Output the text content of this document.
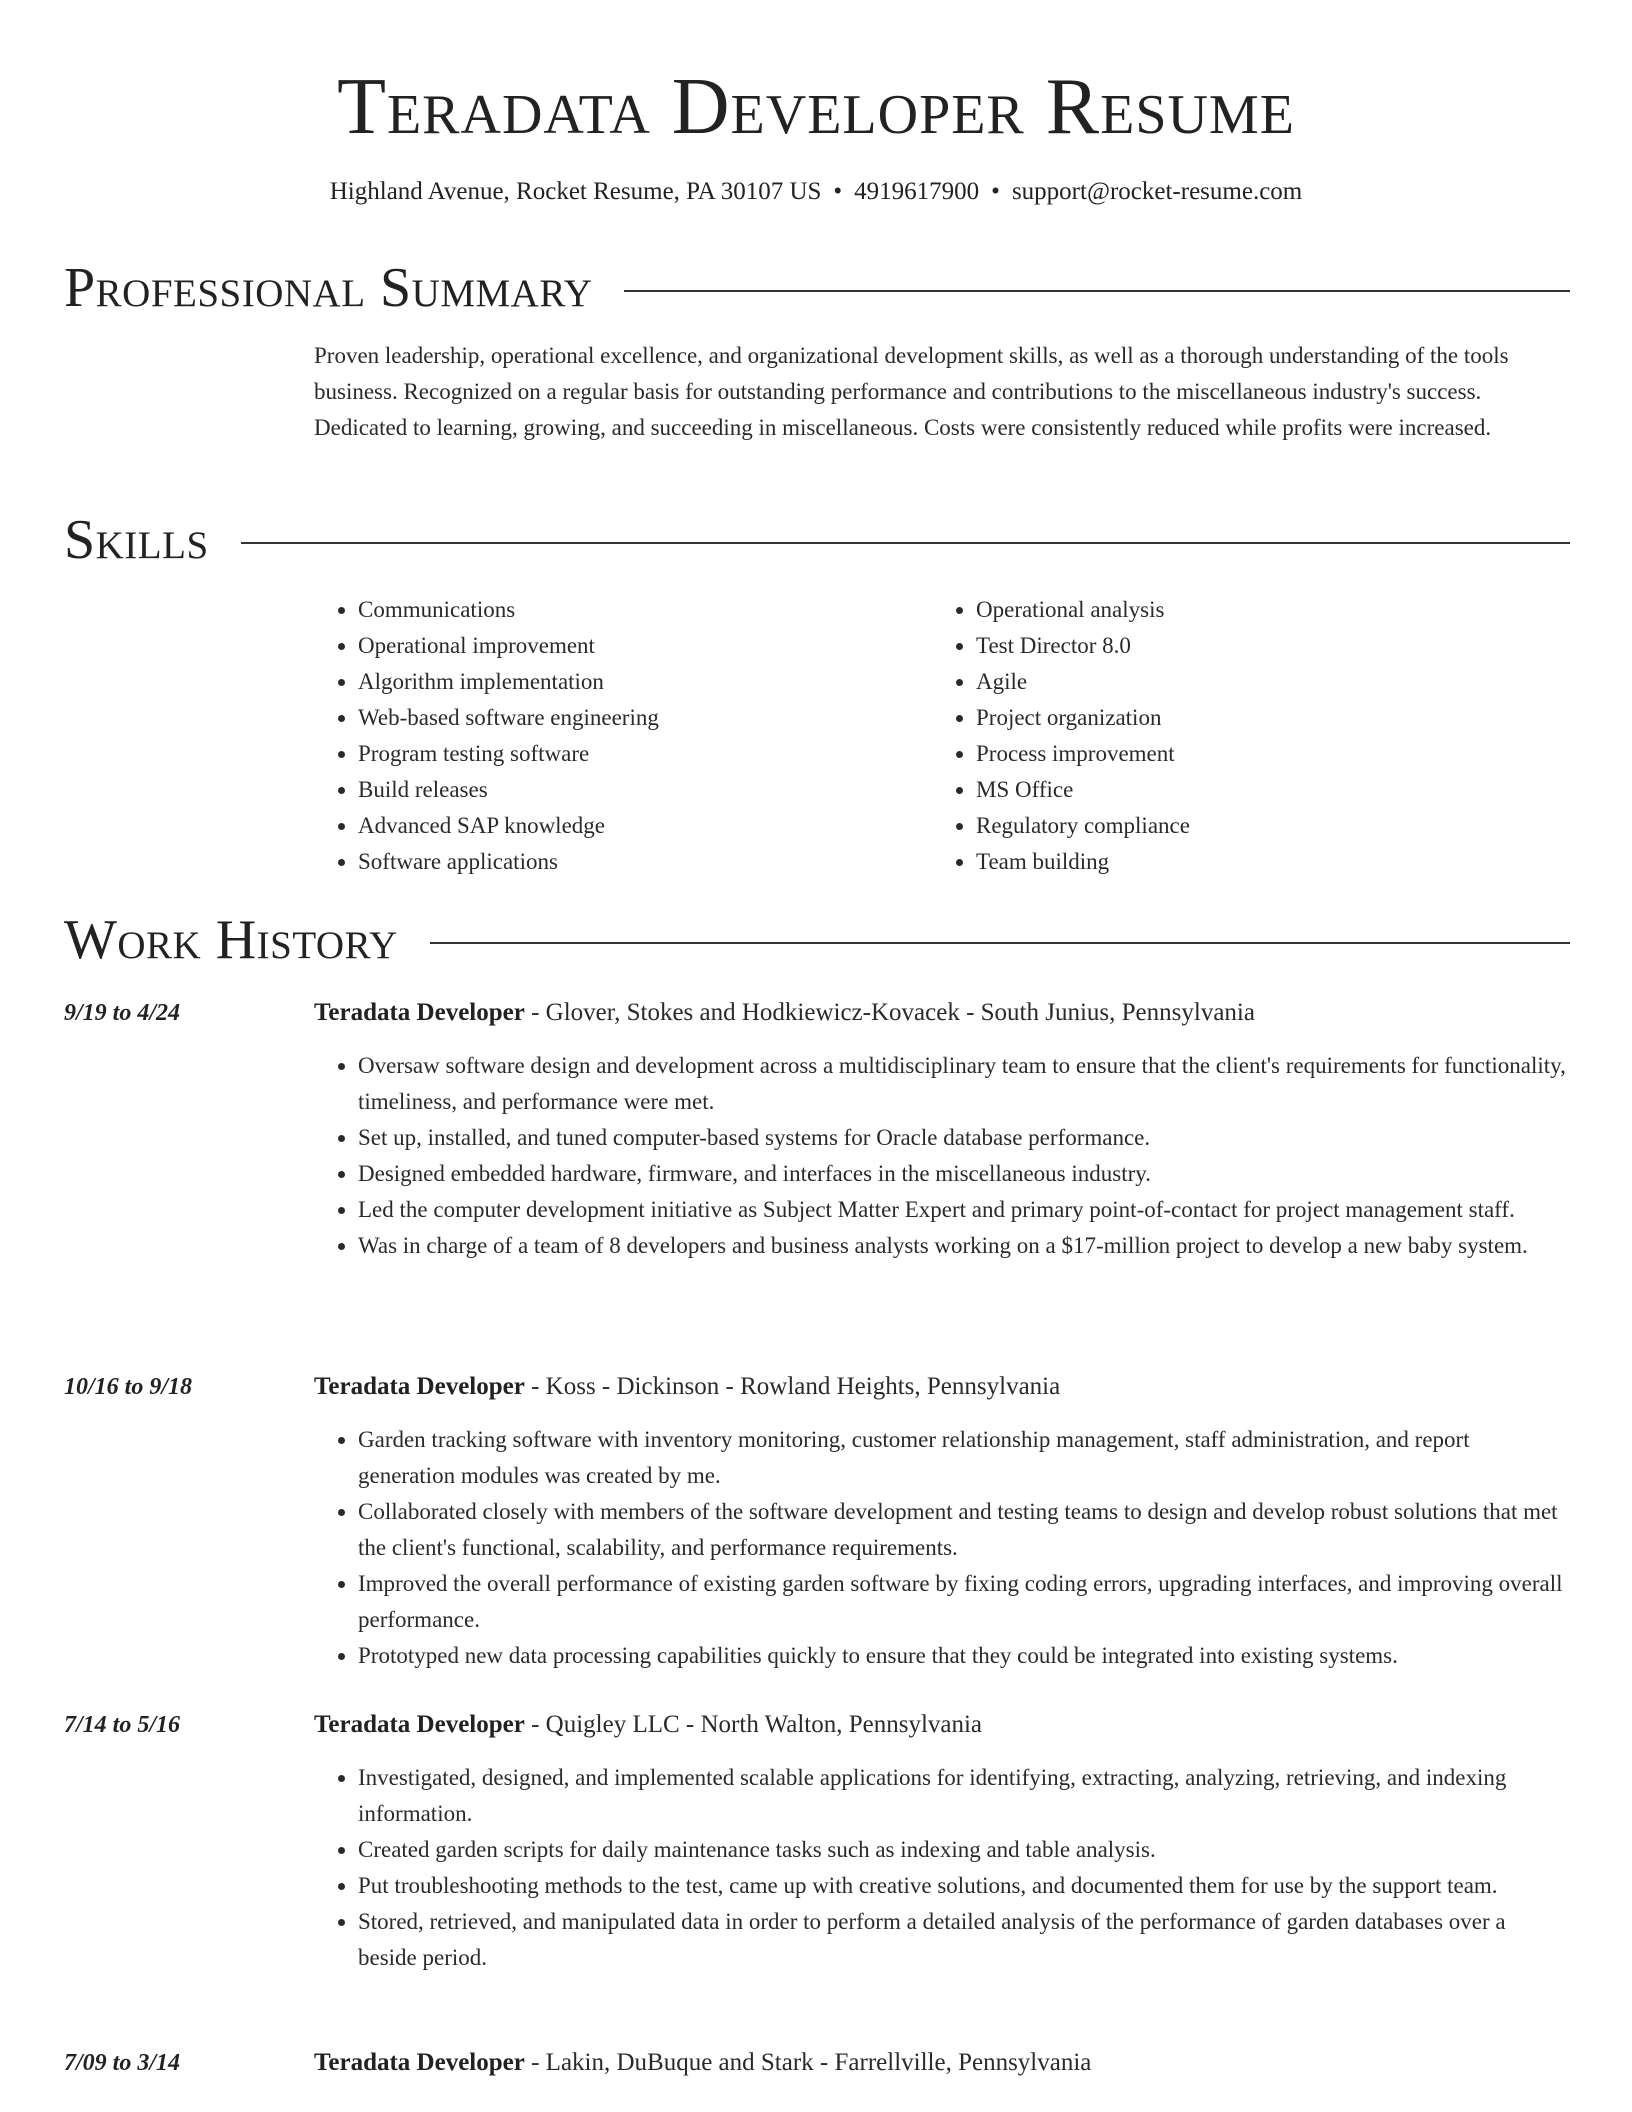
Teradata Developer Resume
Highland Avenue, Rocket Resume, PA 30107 US • 4919617900 • support@rocket-resume.com
Professional Summary
Proven leadership, operational excellence, and organizational development skills, as well as a thorough understanding of the tools business. Recognized on a regular basis for outstanding performance and contributions to the miscellaneous industry's success. Dedicated to learning, growing, and succeeding in miscellaneous. Costs were consistently reduced while profits were increased.
Skills
• Communications
• Operational improvement
• Algorithm implementation
• Web-based software engineering
• Program testing software
• Build releases
• Advanced SAP knowledge
• Software applications
• Operational analysis
• Test Director 8.0
• Agile
• Project organization
• Process improvement
• MS Office
• Regulatory compliance
• Team building
Work History
9/19 to 4/24	Teradata Developer - Glover, Stokes and Hodkiewicz-Kovacek - South Junius, Pennsylvania
• Oversaw software design and development across a multidisciplinary team to ensure that the client's requirements for functionality, timeliness, and performance were met.
• Set up, installed, and tuned computer-based systems for Oracle database performance.
• Designed embedded hardware, firmware, and interfaces in the miscellaneous industry.
• Led the computer development initiative as Subject Matter Expert and primary point-of-contact for project management staff.
• Was in charge of a team of 8 developers and business analysts working on a $17-million project to develop a new baby system.
10/16 to 9/18	Teradata Developer - Koss - Dickinson - Rowland Heights, Pennsylvania
• Garden tracking software with inventory monitoring, customer relationship management, staff administration, and report generation modules was created by me.
• Collaborated closely with members of the software development and testing teams to design and develop robust solutions that met the client's functional, scalability, and performance requirements.
• Improved the overall performance of existing garden software by fixing coding errors, upgrading interfaces, and improving overall performance.
• Prototyped new data processing capabilities quickly to ensure that they could be integrated into existing systems.
7/14 to 5/16	Teradata Developer - Quigley LLC - North Walton, Pennsylvania
• Investigated, designed, and implemented scalable applications for identifying, extracting, analyzing, retrieving, and indexing information.
• Created garden scripts for daily maintenance tasks such as indexing and table analysis.
• Put troubleshooting methods to the test, came up with creative solutions, and documented them for use by the support team.
• Stored, retrieved, and manipulated data in order to perform a detailed analysis of the performance of garden databases over a beside period.
7/09 to 3/14	Teradata Developer - Lakin, DuBuque and Stark - Farrellville, Pennsylvania
